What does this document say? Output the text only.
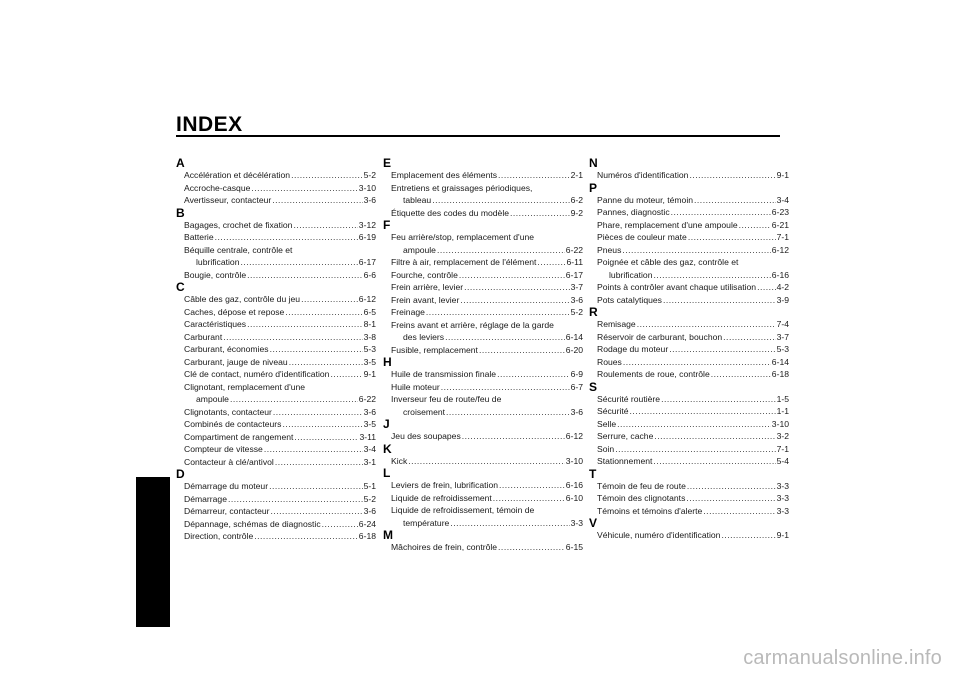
INDEX
A
Accélération et décélération .....	5-2
Accroche-casque .....	3-10
Avertisseur, contacteur .....	3-6
B
Bagages, crochet de fixation .....	3-12
Batterie .....	6-19
Béquille centrale, contrôle et
lubrification .....	6-17
Bougie, contrôle .....	6-6
C
Câble des gaz, contrôle du jeu .....	6-12
Caches, dépose et repose .....	6-5
Caractéristiques .....	8-1
Carburant .....	3-8
Carburant, économies .....	5-3
Carburant, jauge de niveau .....	3-5
Clé de contact, numéro d'identification .....	9-1
Clignotant, remplacement d'une
ampoule .....	6-22
Clignotants, contacteur .....	3-6
Combinés de contacteurs .....	3-5
Compartiment de rangement .....	3-11
Compteur de vitesse .....	3-4
Contacteur à clé/antivol .....	3-1
D
Démarrage du moteur .....	5-1
Démarrage .....	5-2
Démarreur, contacteur .....	3-6
Dépannage, schémas de diagnostic .....	6-24
Direction, contrôle .....	6-18
E
Emplacement des éléments .....	2-1
Entretiens et graissages périodiques,
tableau .....	6-2
Étiquette des codes du modèle .....	9-2
F
Feu arrière/stop, remplacement d'une
ampoule .....	6-22
Filtre à air, remplacement de l'élément .....	6-11
Fourche, contrôle .....	6-17
Frein arrière, levier .....	3-7
Frein avant, levier .....	3-6
Freinage .....	5-2
Freins avant et arrière, réglage de la garde
des leviers .....	6-14
Fusible, remplacement .....	6-20
H
Huile de transmission finale .....	6-9
Huile moteur .....	6-7
Inverseur feu de route/feu de
croisement .....	3-6
J
Jeu des soupapes .....	6-12
K
Kick .....	3-10
L
Leviers de frein, lubrification .....	6-16
Liquide de refroidissement .....	6-10
Liquide de refroidissement, témoin de
température .....	3-3
M
Mâchoires de frein, contrôle .....	6-15
N
Numéros d'identification .....	9-1
P
Panne du moteur, témoin .....	3-4
Pannes, diagnostic .....	6-23
Phare, remplacement d'une ampoule .....	6-21
Pièces de couleur mate .....	7-1
Pneus .....	6-12
Poignée et câble des gaz, contrôle et
lubrification .....	6-16
Points à contrôler avant chaque utilisation ..... 4-2
Pots catalytiques .....	3-9
R
Remisage .....	7-4
Réservoir de carburant, bouchon .....	3-7
Rodage du moteur .....	5-3
Roues .....	6-14
Roulements de roue, contrôle .....	6-18
S
Sécurité routière .....	1-5
Sécurité .....	1-1
Selle .....	3-10
Serrure, cache .....	3-2
Soin .....	7-1
Stationnement .....	5-4
T
Témoin de feu de route .....	3-3
Témoin des clignotants .....	3-3
Témoins et témoins d'alerte .....	3-3
V
Véhicule, numéro d'identification .....	9-1
carmanualsonline.info
